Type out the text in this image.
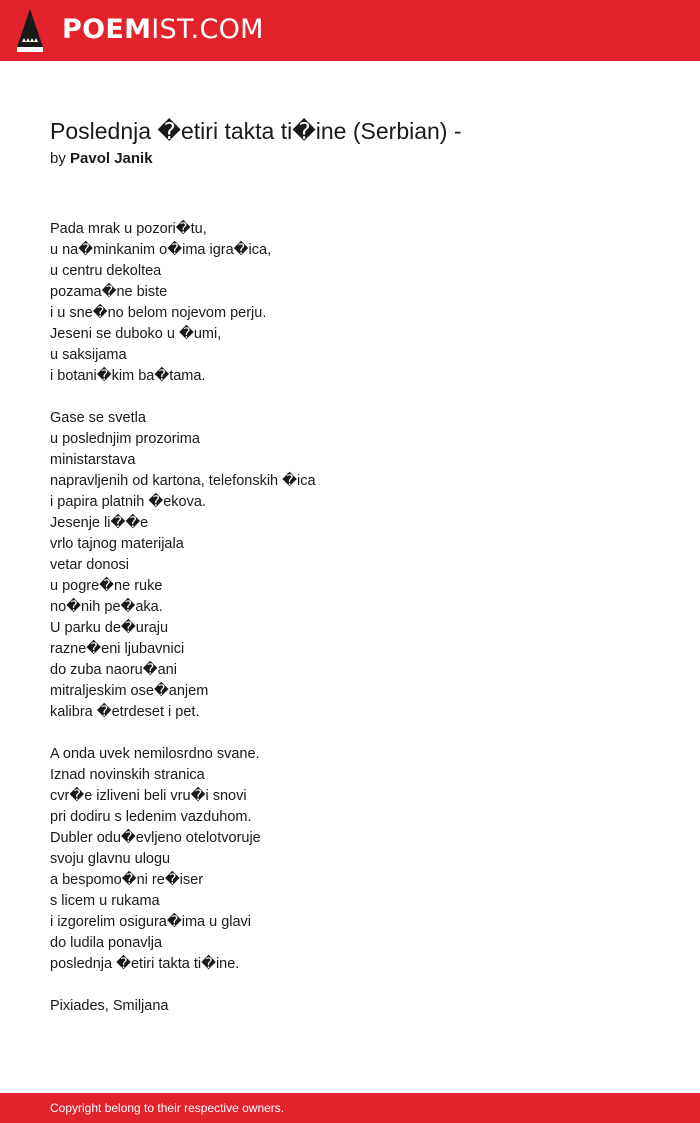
POEMIST.COM
Poslednja �etiri takta ti�ine (Serbian) -
by Pavol Janik
Pada mrak u pozori�tu,
u na�minkanim o�ima igra�ica,
u centru dekoltea
pozama�ne biste
i u sne�no belom nojevom perju.
Jeseni se duboko u �umi,
u saksijama
i botani�kim ba�tama.
Gase se svetla
u poslednjim prozorima
ministarstava
napravljenih od kartona, telefonskih �ica
i papira platnih �ekova.
Jesenje li��e
vrlo tajnog materijala
vetar donosi
u pogre�ne ruke
no�nih pe�aka.
U parku de�uraju
razne�eni ljubavnici
do zuba naoru�ani
mitraljeskim ose�anjem
kalibra �etrdeset i pet.
A onda uvek nemilosrdno svane.
Iznad novinskih stranica
cvr�e izliveni beli vru�i snovi
pri dodiru s ledenim vazduhom.
Dubler odu�evljeno otelotvoruje
svoju glavnu ulogu
a bespomo�ni re�iser
s licem u rukama
i izgorelim osigura�ima u glavi
do ludila ponavlja
poslednja �etiri takta ti�ine.
Pixiades, Smiljana
Copyright belong to their respective owners.
